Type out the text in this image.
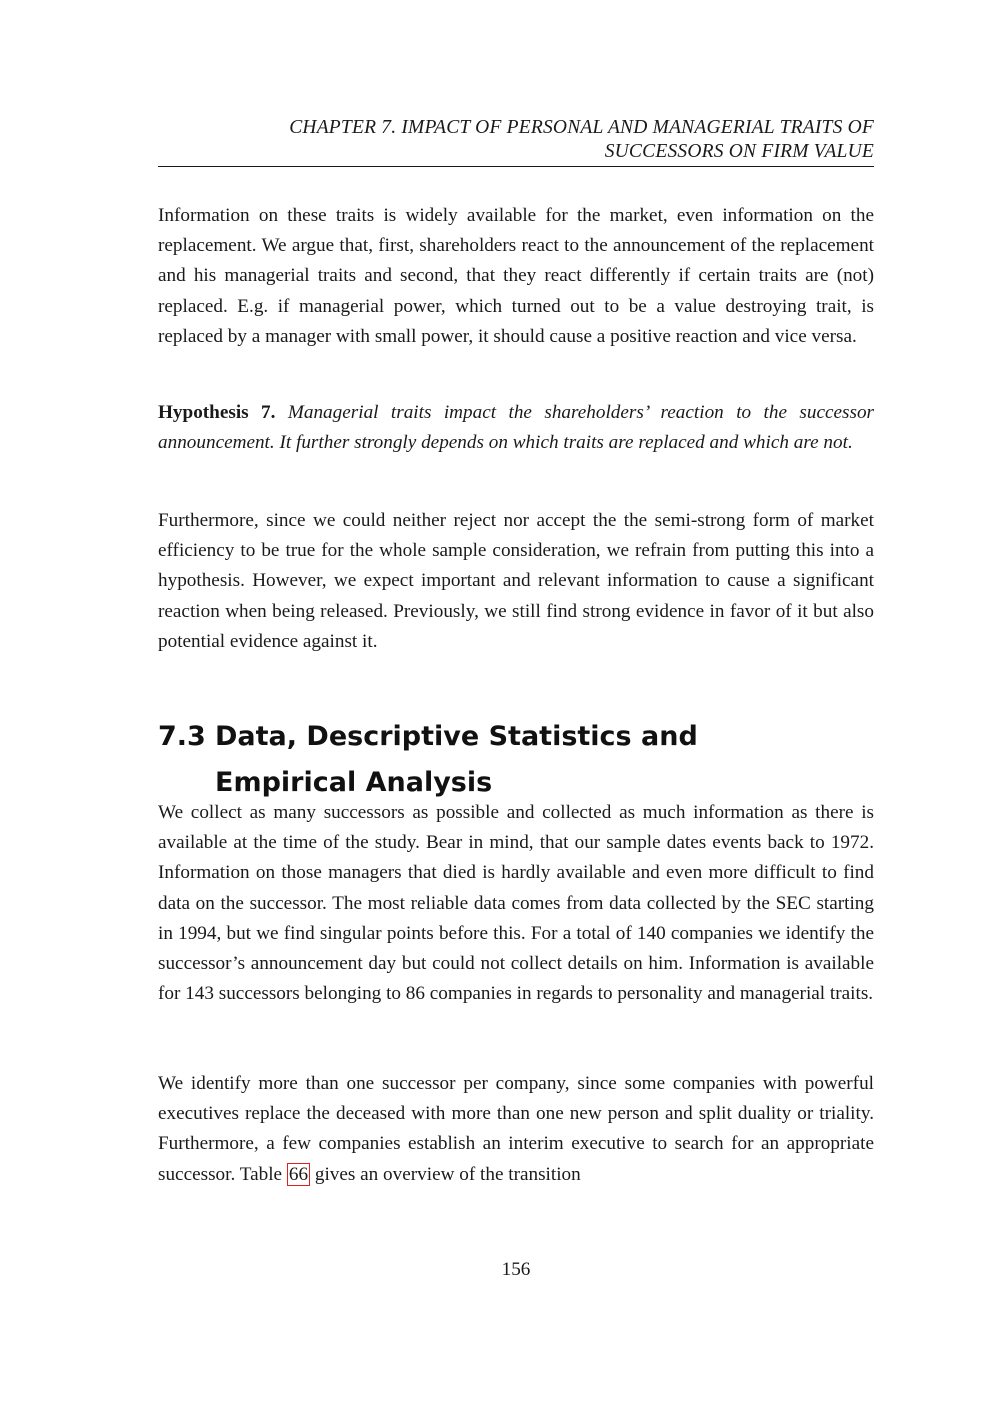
CHAPTER 7. IMPACT OF PERSONAL AND MANAGERIAL TRAITS OF
SUCCESSORS ON FIRM VALUE

Information on these traits is widely available for the market, even information on the replacement. We argue that, first, shareholders react to the announcement of the replacement and his managerial traits and second, that they react differently if certain traits are (not) replaced. E.g. if managerial power, which turned out to be a value destroying trait, is replaced by a manager with small power, it should cause a positive reaction and vice versa.

Hypothesis 7. Managerial traits impact the shareholders’ reaction to the successor announcement. It further strongly depends on which traits are replaced and which are not.

Furthermore, since we could neither reject nor accept the the semi-strong form of market efficiency to be true for the whole sample consideration, we refrain from putting this into a hypothesis. However, we expect important and relevant information to cause a significant reaction when being released. Previously, we still find strong evidence in favor of it but also potential evidence against it.

7.3 Data, Descriptive Statistics and Empirical Analysis

We collect as many successors as possible and collected as much information as there is available at the time of the study. Bear in mind, that our sample dates events back to 1972. Information on those managers that died is hardly available and even more difficult to find data on the successor. The most reliable data comes from data collected by the SEC starting in 1994, but we find singular points before this. For a total of 140 companies we identify the successor’s announcement day but could not collect details on him. Information is available for 143 successors belonging to 86 companies in regards to personality and managerial traits.

We identify more than one successor per company, since some companies with powerful executives replace the deceased with more than one new person and split duality or triality. Furthermore, a few companies establish an interim executive to search for an appropriate successor. Table 66 gives an overview of the transition

156
